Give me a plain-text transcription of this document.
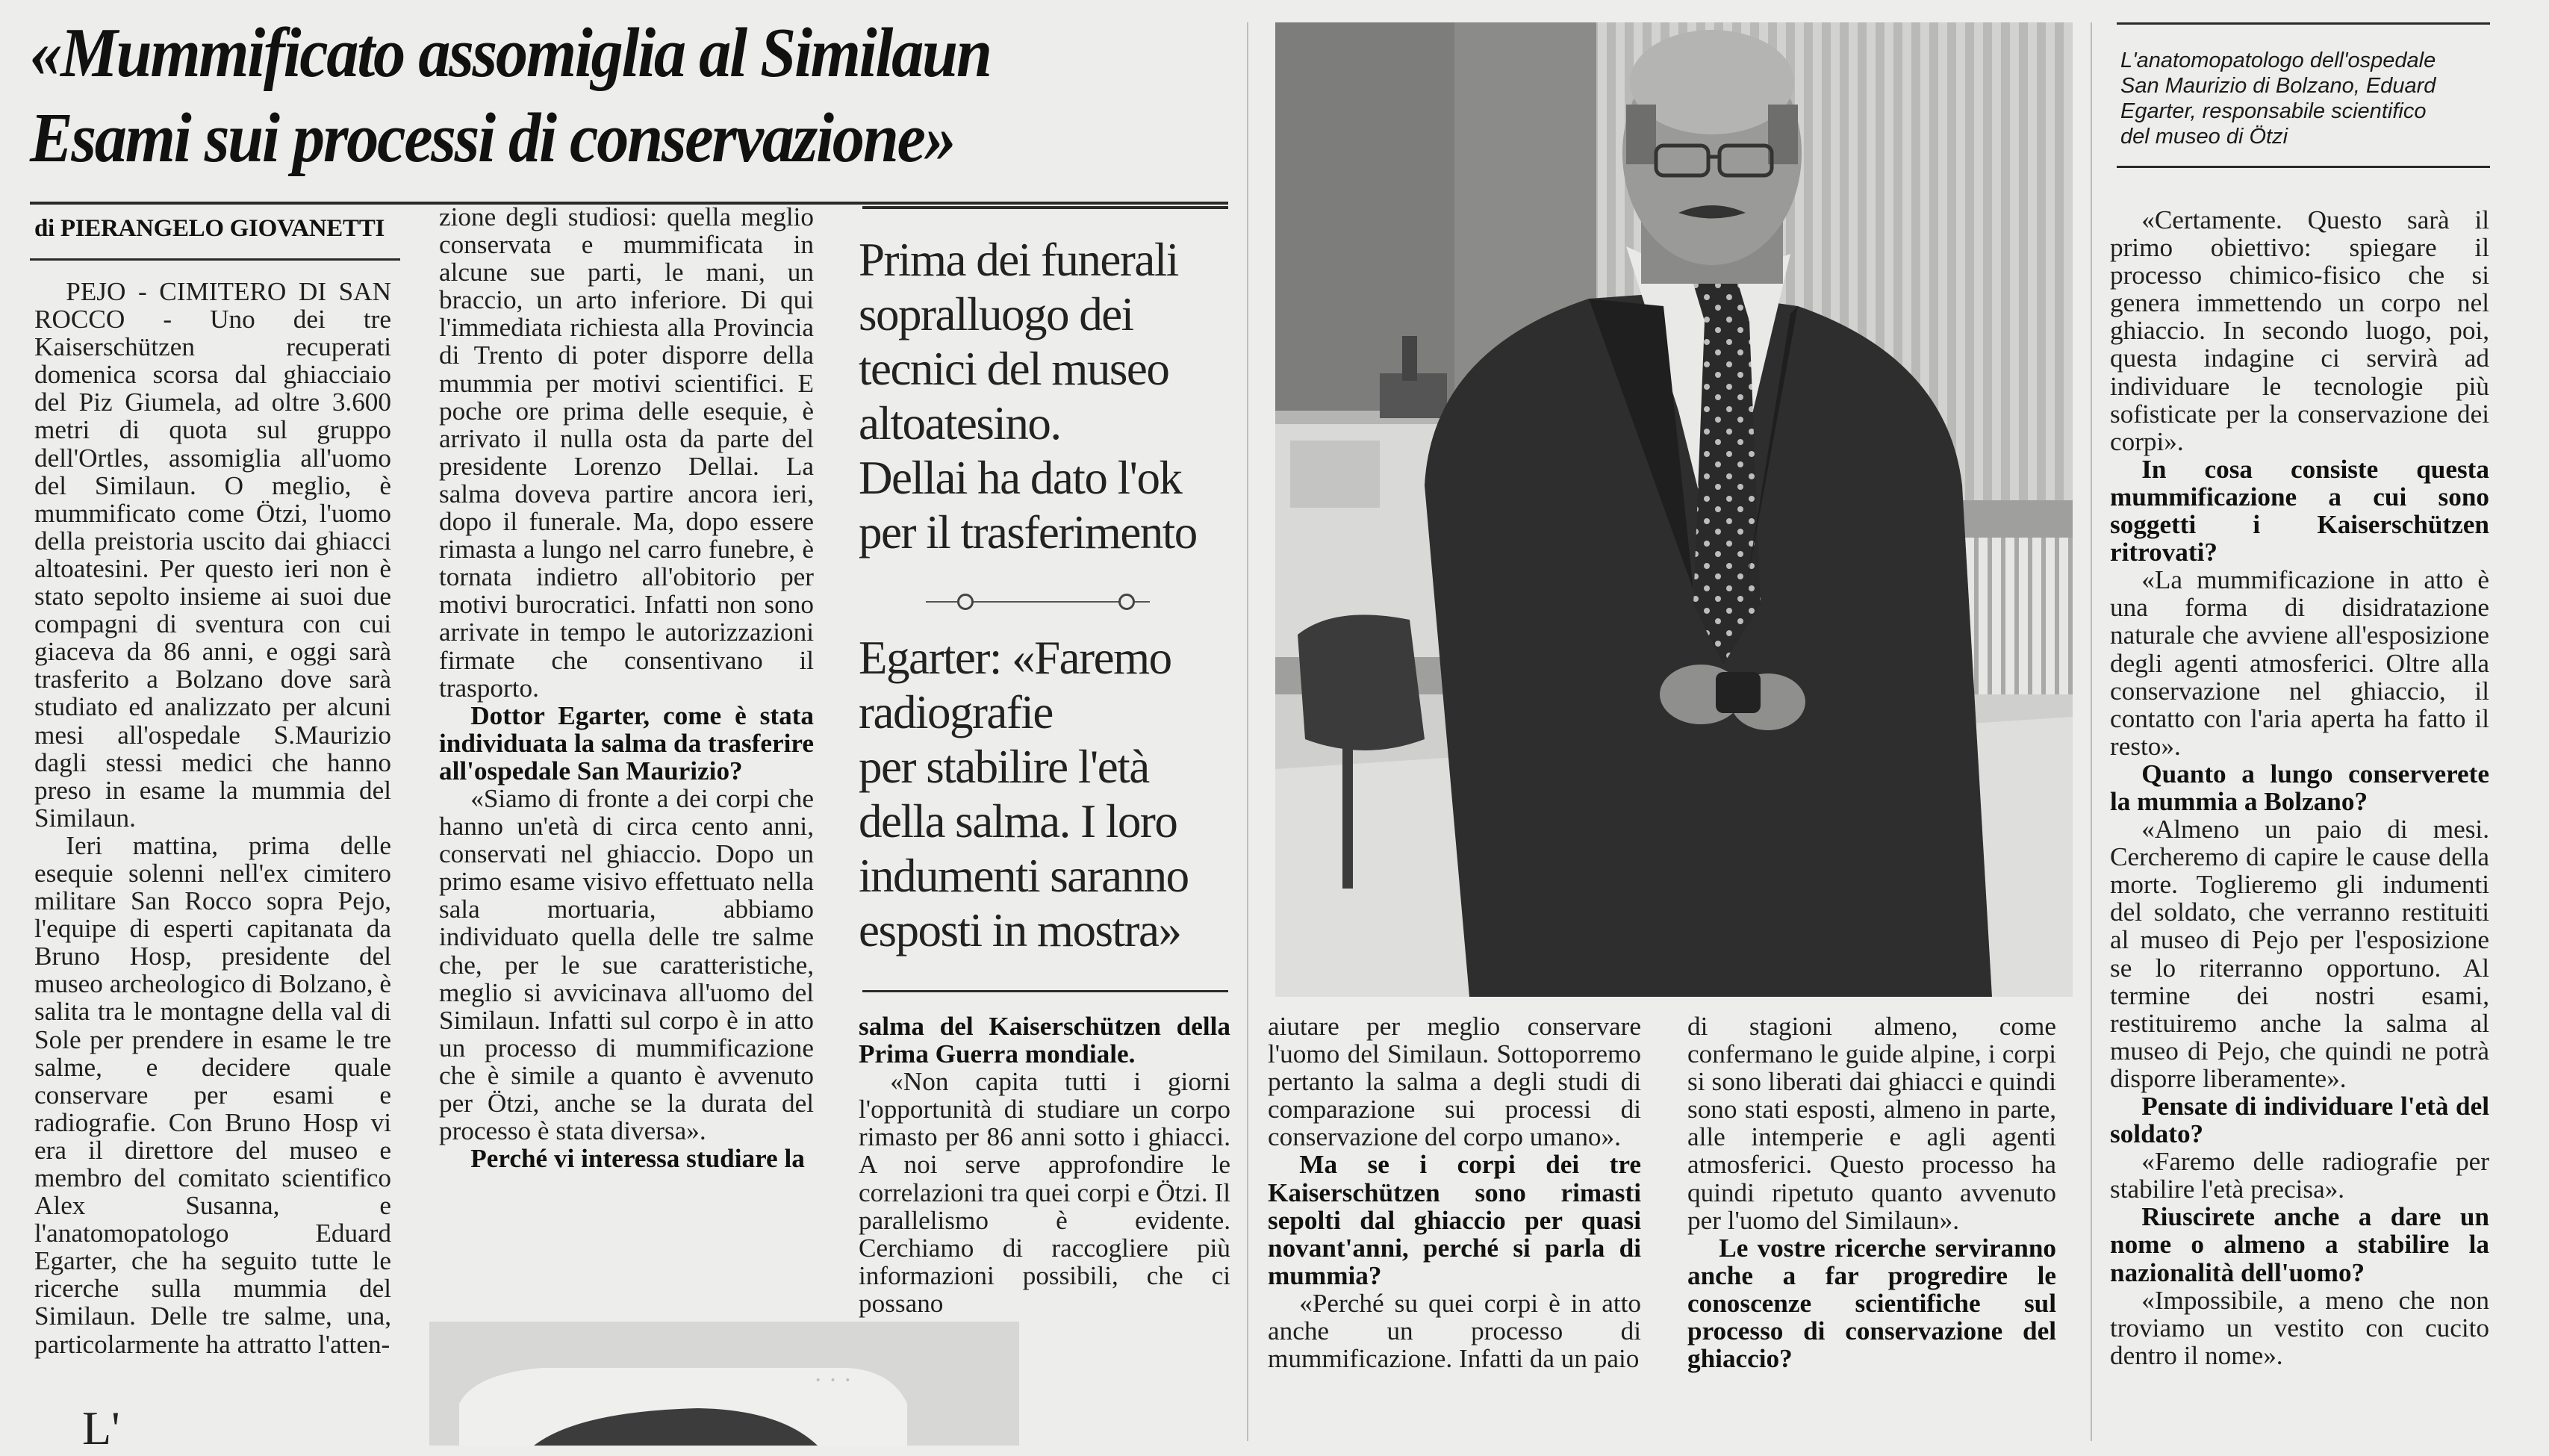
«Mummificato assomiglia al Similaun
Esami sui processi di conservazione»

di PIERANGELO GIOVANETTI

PEJO - CIMITERO DI SAN ROCCO - Uno dei tre Kaiserschützen recuperati domenica scorsa dal ghiacciaio del Piz Giumela, ad oltre 3.600 metri di quota sul gruppo dell'Ortles, assomiglia all'uomo del Similaun. O meglio, è mummificato come Ötzi, l'uomo della preistoria uscito dai ghiacci altoatesini. Per questo ieri non è stato sepolto insieme ai suoi due compagni di sventura con cui giaceva da 86 anni, e oggi sarà trasferito a Bolzano dove sarà studiato ed analizzato per alcuni mesi all'ospedale S.Maurizio dagli stessi medici che hanno preso in esame la mummia del Similaun.

Ieri mattina, prima delle esequie solenni nell'ex cimitero militare San Rocco sopra Pejo, l'equipe di esperti capitanata da Bruno Hosp, presidente del museo archeologico di Bolzano, è salita tra le montagne della val di Sole per prendere in esame le tre salme, e decidere quale conservare per esami e radiografie. Con Bruno Hosp vi era il direttore del museo e membro del comitato scientifico Alex Susanna, e l'anatomopatologo Eduard Egarter, che ha seguito tutte le ricerche sulla mummia del Similaun. Delle tre salme, una, particolarmente ha attratto l'atten-

L'

zione degli studiosi: quella meglio conservata e mummificata in alcune sue parti, le mani, un braccio, un arto inferiore. Di qui l'immediata richiesta alla Provincia di Trento di poter disporre della mummia per motivi scientifici. E poche ore prima delle esequie, è arrivato il nulla osta da parte del presidente Lorenzo Dellai. La salma doveva partire ancora ieri, dopo il funerale. Ma, dopo essere rimasta a lungo nel carro funebre, è tornata indietro all'obitorio per motivi burocratici. Infatti non sono arrivate in tempo le autorizzazioni firmate che consentivano il trasporto.

Dottor Egarter, come è stata individuata la salma da trasferire all'ospedale San Maurizio?

«Siamo di fronte a dei corpi che hanno un'età di circa cento anni, conservati nel ghiaccio. Dopo un primo esame visivo effettuato nella sala mortuaria, abbiamo individuato quella delle tre salme che, per le sue caratteristiche, meglio si avvicinava all'uomo del Similaun. Infatti sul corpo è in atto un processo di mummificazione che è simile a quanto è avvenuto per Ötzi, anche se la durata del processo è stata diversa».

Perché vi interessa studiare la

· · ·
Prima dei funerali
sopralluogo dei
tecnici del museo
altoatesino.
Dellai ha dato l'ok
per il trasferimento
Egarter: «Faremo
radiografie
per stabilire l'età
della salma. I loro
indumenti saranno
esposti in mostra»

salma del Kaiserschützen della Prima Guerra mondiale.

«Non capita tutti i giorni l'opportunità di studiare un corpo rimasto per 86 anni sotto i ghiacci. A noi serve approfondire le correlazioni tra quei corpi e Ötzi. Il parallelismo è evidente. Cerchiamo di raccogliere più informazioni possibili, che ci possano

aiutare per meglio conservare l'uomo del Similaun. Sottoporremo pertanto la salma a degli studi di comparazione sui processi di conservazione del corpo umano».

Ma se i corpi dei tre Kaiserschützen sono rimasti sepolti dal ghiaccio per quasi novant'anni, perché si parla di mummia?

«Perché su quei corpi è in atto anche un processo di mummificazione. Infatti da un paio

di stagioni almeno, come confermano le guide alpine, i corpi si sono liberati dai ghiacci e quindi sono stati esposti, almeno in parte, alle intemperie e agli agenti atmosferici. Questo processo ha quindi ripetuto quanto avvenuto per l'uomo del Similaun».

Le vostre ricerche serviranno anche a far progredire le conoscenze scientifiche sul processo di conservazione del ghiaccio?

L'anatomopatologo dell'ospedale
San Maurizio di Bolzano, Eduard
Egarter, responsabile scientifico
del museo di Ötzi

«Certamente. Questo sarà il primo obiettivo: spiegare il processo chimico-fisico che si genera immettendo un corpo nel ghiaccio. In secondo luogo, poi, questa indagine ci servirà ad individuare le tecnologie più sofisticate per la conservazione dei corpi».

In cosa consiste questa mummificazione a cui sono soggetti i Kaiserschützen ritrovati?

«La mummificazione in atto è una forma di disidratazione naturale che avviene all'esposizione degli agenti atmosferici. Oltre alla conservazione nel ghiaccio, il contatto con l'aria aperta ha fatto il resto».

Quanto a lungo conserverete la mummia a Bolzano?

«Almeno un paio di mesi. Cercheremo di capire le cause della morte. Toglieremo gli indumenti del soldato, che verranno restituiti al museo di Pejo per l'esposizione se lo riterranno opportuno. Al termine dei nostri esami, restituiremo anche la salma al museo di Pejo, che quindi ne potrà disporre liberamente».

Pensate di individuare l'età del soldato?

«Faremo delle radiografie per stabilire l'età precisa».

Riuscirete anche a dare un nome o almeno a stabilire la nazionalità dell'uomo?

«Impossibile, a meno che non troviamo un vestito con cucito dentro il nome».
